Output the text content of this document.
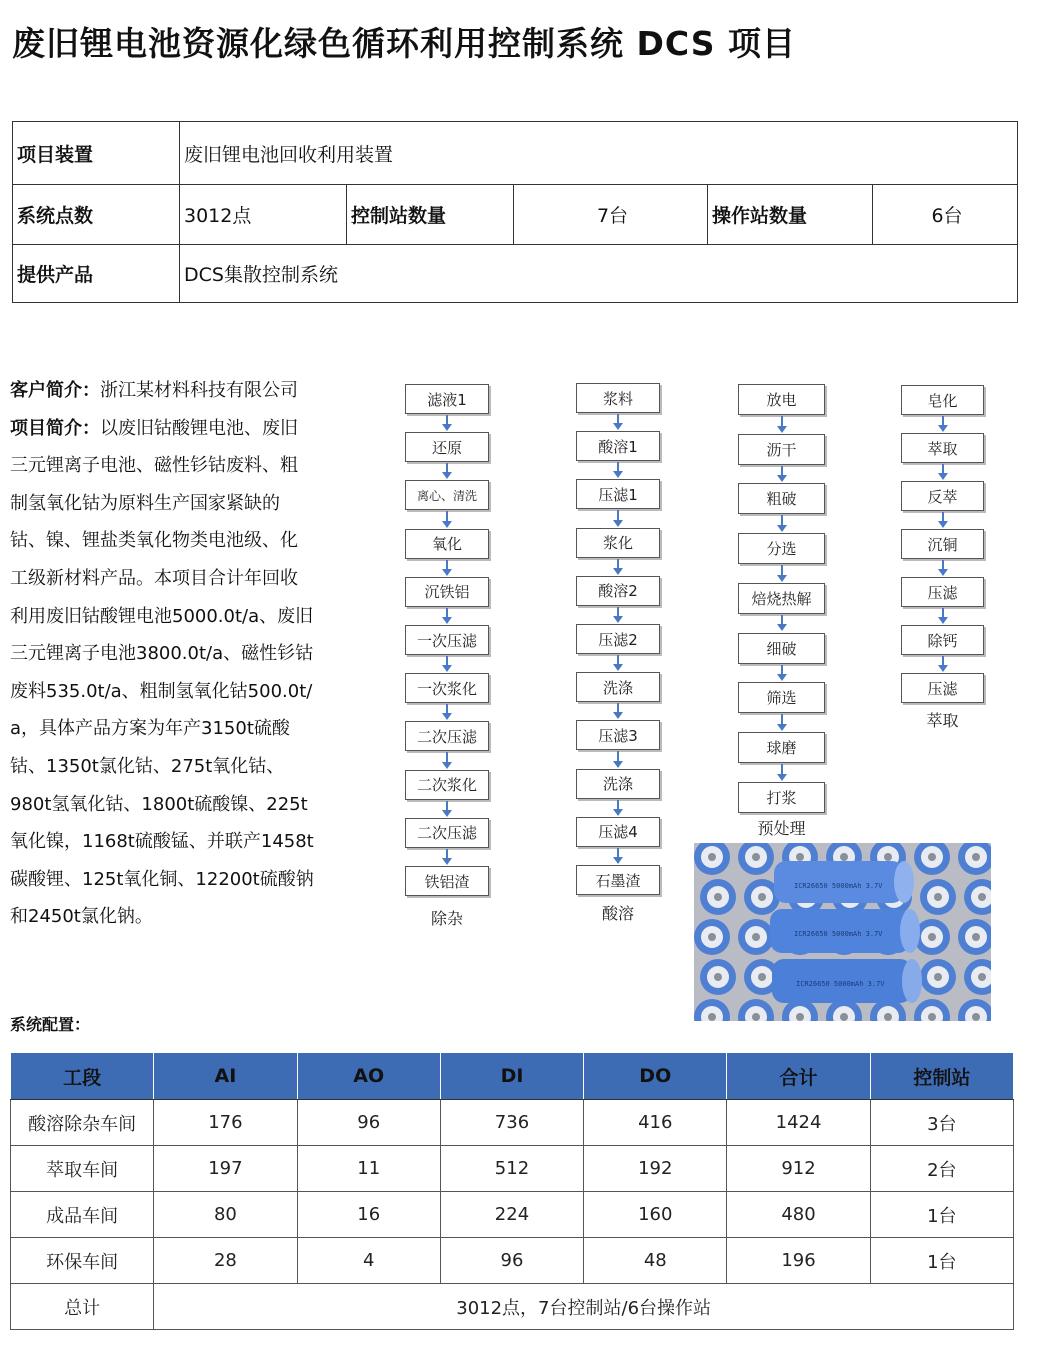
废旧锂电池资源化绿色循环利用控制系统 DCS 项目
项目装置	废旧锂电池回收利用装置				
系统点数	3012点	控制站数量	7台	操作站数量	6台
提供产品	DCS集散控制系统				
客户简介：浙江某材料科技有限公司
项目简介：以废旧钴酸锂电池、废旧
三元锂离子电池、磁性钐钴废料、粗
制氢氧化钴为原料生产国家紧缺的
钴、镍、锂盐类氧化物类电池级、化
工级新材料产品。本项目合计年回收
利用废旧钴酸锂电池5000.0t/a、废旧
三元锂离子电池3800.0t/a、磁性钐钴
废料535.0t/a、粗制氢氧化钴500.0t/
a，具体产品方案为年产3150t硫酸
钴、1350t氯化钴、275t氧化钴、
980t氢氧化钴、1800t硫酸镍、225t
氧化镍，1168t硫酸锰、并联产1458t
碳酸锂、125t氧化铜、12200t硫酸钠
和2450t氯化钠。
滤液1
还原
离心、清洗
氧化
沉铁铝
一次压滤
一次浆化
二次压滤
二次浆化
二次压滤
铁铝渣
除杂
浆料
酸溶1
压滤1
浆化
酸溶2
压滤2
洗涤
压滤3
洗涤
压滤4
石墨渣
酸溶
放电
沥干
粗破
分选
焙烧热解
细破
筛选
球磨
打浆
预处理
皂化
萃取
反萃
沉铜
压滤
除钙
压滤
萃取
ICR26650 5000mAh 3.7V
ICR26650 5000mAh 3.7V
ICR26650 5000mAh 3.7V
系统配置：
工段	AI	AO	DI	DO	合计	控制站
酸溶除杂车间	176	96	736	416	1424	3台
萃取车间	197	11	512	192	912	2台
成品车间	80	16	224	160	480	1台
环保车间	28	4	96	48	196	1台
总计	3012点，7台控制站/6台操作站					
